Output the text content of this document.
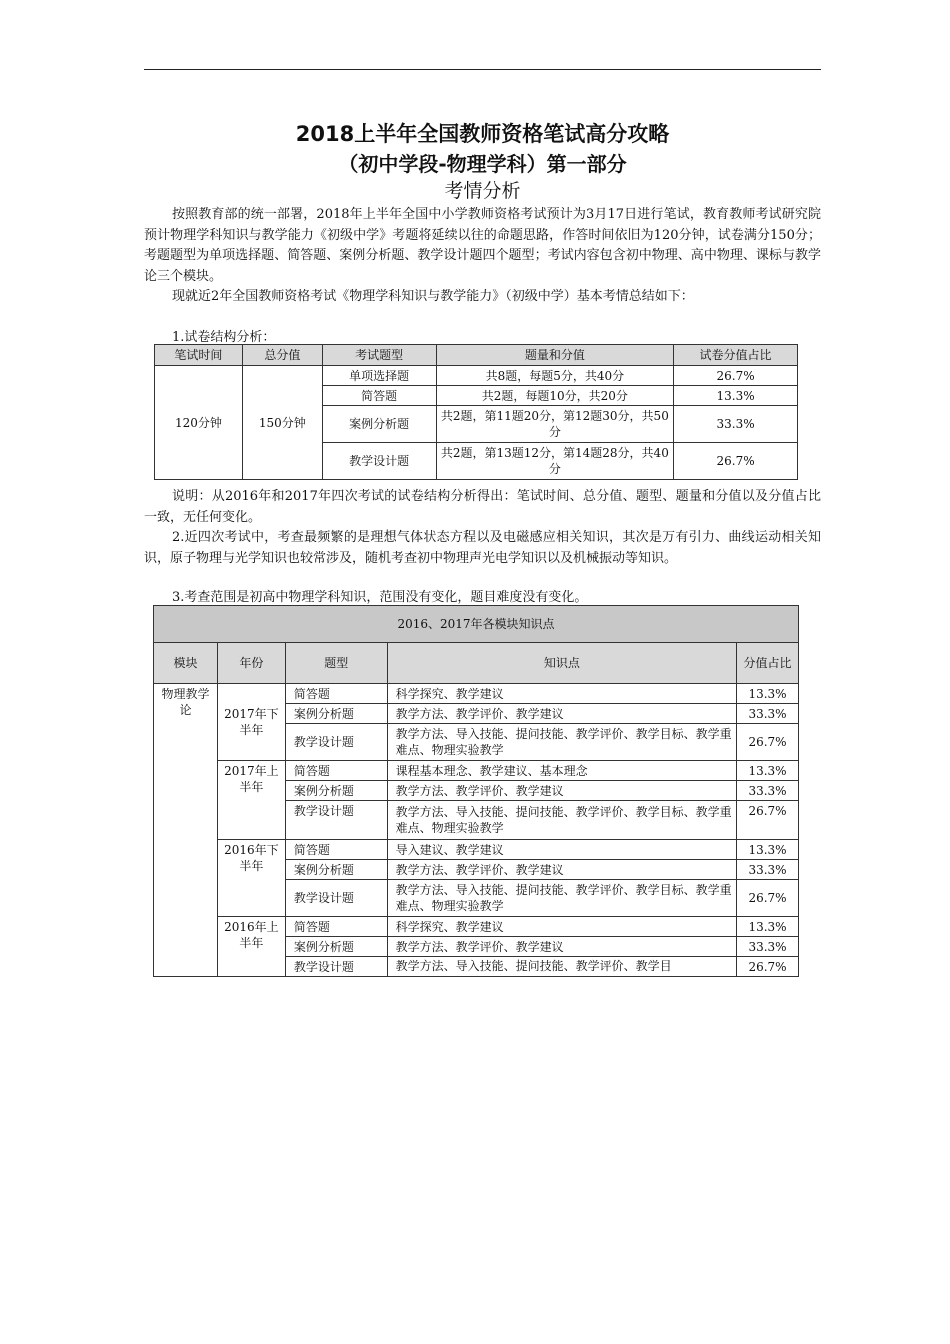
2018上半年全国教师资格笔试高分攻略
（初中学段-物理学科）第一部分
考情分析
按照教育部的统一部署，2018年上半年全国中小学教师资格考试预计为3月17日进行笔试，教育教师考试研究院预计物理学科知识与教学能力《初级中学》考题将延续以往的命题思路，作答时间依旧为120分钟，试卷满分150分；考题题型为单项选择题、简答题、案例分析题、教学设计题四个题型；考试内容包含初中物理、高中物理、课标与教学论三个模块。
现就近2年全国教师资格考试《物理学科知识与教学能力》（初级中学）基本考情总结如下：
1.试卷结构分析：
笔试时间	总分值	考试题型	题量和分值	试卷分值占比
120分钟	150分钟	单项选择题	共8题，每题5分，共40分	26.7%
		简答题	共2题，每题10分，共20分	13.3%
		案例分析题	共2题，第11题20分，第12题30分，共50分	33.3%
		教学设计题	共2题，第13题12分，第14题28分，共40分	26.7%
说明：从2016年和2017年四次考试的试卷结构分析得出：笔试时间、总分值、题型、题量和分值以及分值占比一致，无任何变化。
2.近四次考试中，考查最频繁的是理想气体状态方程以及电磁感应相关知识，其次是万有引力、曲线运动相关知识，原子物理与光学知识也较常涉及，随机考查初中物理声光电学知识以及机械振动等知识。
3.考查范围是初高中物理学科知识，范围没有变化，题目难度没有变化。
2016、2017年各模块知识点				
模块	年份	题型	知识点	分值占比
物理教学论	2017年下半年	简答题	科学探究、教学建议	13.3%
		案例分析题	教学方法、教学评价、教学建议	33.3%
		教学设计题	教学方法、导入技能、提问技能、教学评价、教学目标、教学重难点、物理实验教学	26.7%
	2017年上半年	简答题	课程基本理念、教学建议、基本理念	13.3%
		案例分析题	教学方法、教学评价、教学建议	33.3%
		教学设计题	教学方法、导入技能、提问技能、教学评价、教学目标、教学重难点、物理实验教学	26.7%
	2016年下半年	简答题	导入建议、教学建议	13.3%
		案例分析题	教学方法、教学评价、教学建议	33.3%
		教学设计题	教学方法、导入技能、提问技能、教学评价、教学目标、教学重难点、物理实验教学	26.7%
	2016年上半年	简答题	科学探究、教学建议	13.3%
		案例分析题	教学方法、教学评价、教学建议	33.3%
		教学设计题	教学方法、导入技能、提问技能、教学评价、教学目	26.7%
